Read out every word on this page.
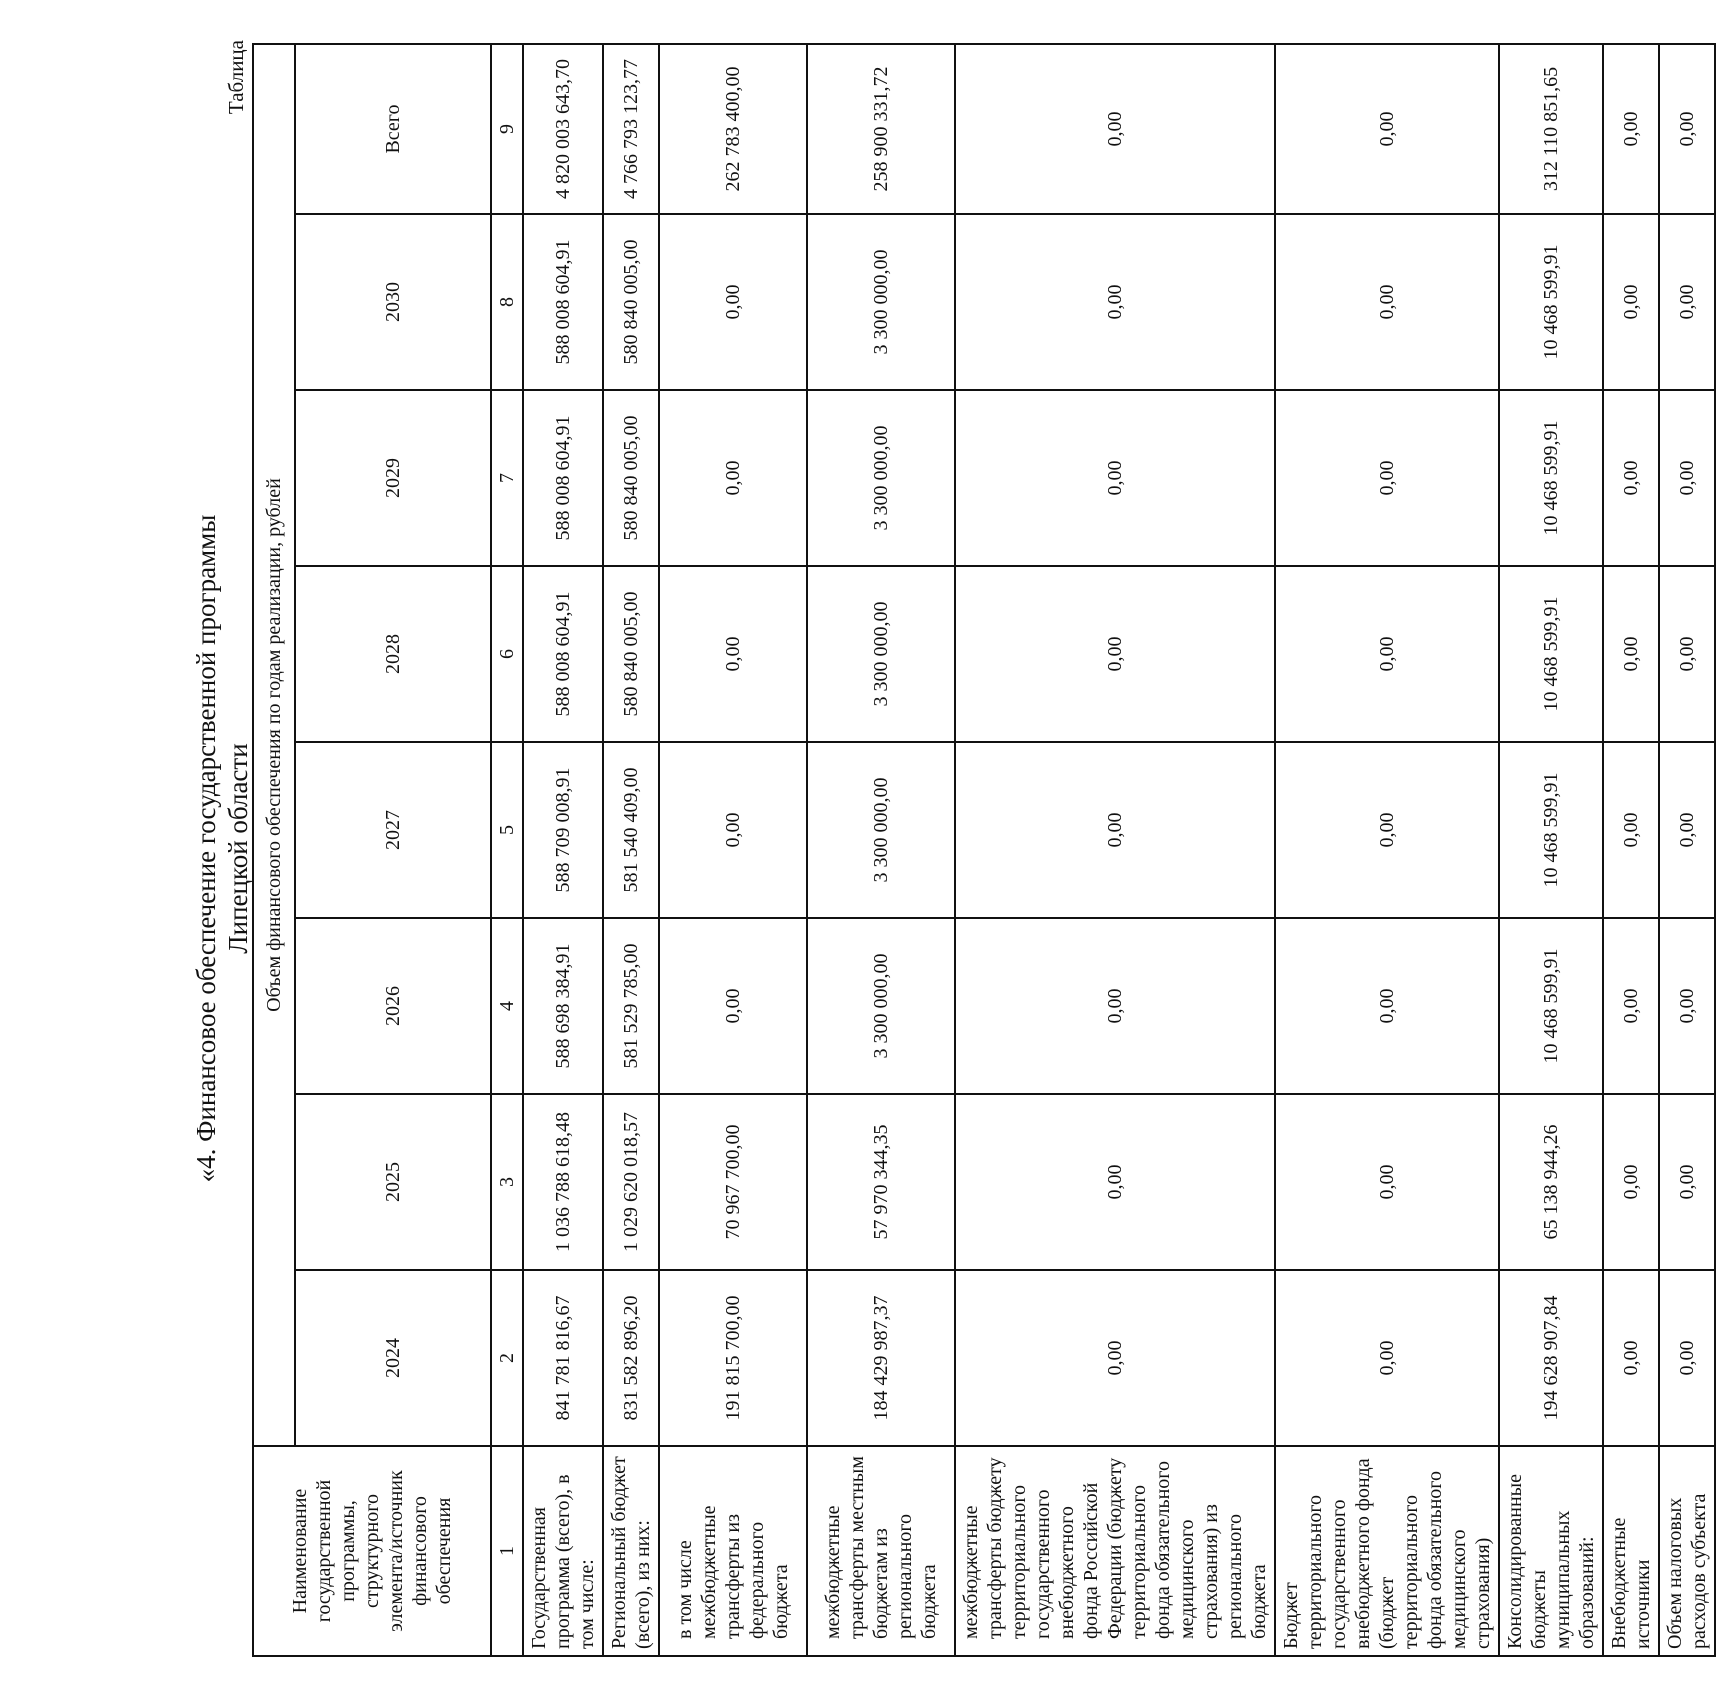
«4. Финансовое обеспечение государственной программы Липецкой области
Таблица
Наименование государственной программы, структурного элемента/источник финансового обеспечения	Объем финансового обеспечения по годам реализации, рублей							
	2024	2025	2026	2027	2028	2029	2030	Всего
1	2	3	4	5	6	7	8	9
Государственная программа (всего), в том числе:	841 781 816,67	1 036 788 618,48	588 698 384,91	588 709 008,91	588 008 604,91	588 008 604,91	588 008 604,91	4 820 003 643,70
Региональный бюджет (всего), из них:	831 582 896,20	1 029 620 018,57	581 529 785,00	581 540 409,00	580 840 005,00	580 840 005,00	580 840 005,00	4 766 793 123,77
в том числе межбюджетные трансферты из федерального бюджета	191 815 700,00	70 967 700,00	0,00	0,00	0,00	0,00	0,00	262 783 400,00
межбюджетные трансферты местным бюджетам из регионального бюджета	184 429 987,37	57 970 344,35	3 300 000,00	3 300 000,00	3 300 000,00	3 300 000,00	3 300 000,00	258 900 331,72
межбюджетные трансферты бюджету территориального государственного внебюджетного фонда Российской Федерации (бюджету территориального фонда обязательного медицинского страхования) из регионального бюджета	0,00	0,00	0,00	0,00	0,00	0,00	0,00	0,00
Бюджет территориального государственного внебюджетного фонда (бюджет территориального фонда обязательного медицинского страхования)	0,00	0,00	0,00	0,00	0,00	0,00	0,00	0,00
Консолидированные бюджеты муниципальных образований:	194 628 907,84	65 138 944,26	10 468 599,91	10 468 599,91	10 468 599,91	10 468 599,91	10 468 599,91	312 110 851,65
Внебюджетные источники	0,00	0,00	0,00	0,00	0,00	0,00	0,00	0,00
Объем налоговых расходов субъекта	0,00	0,00	0,00	0,00	0,00	0,00	0,00	0,00
